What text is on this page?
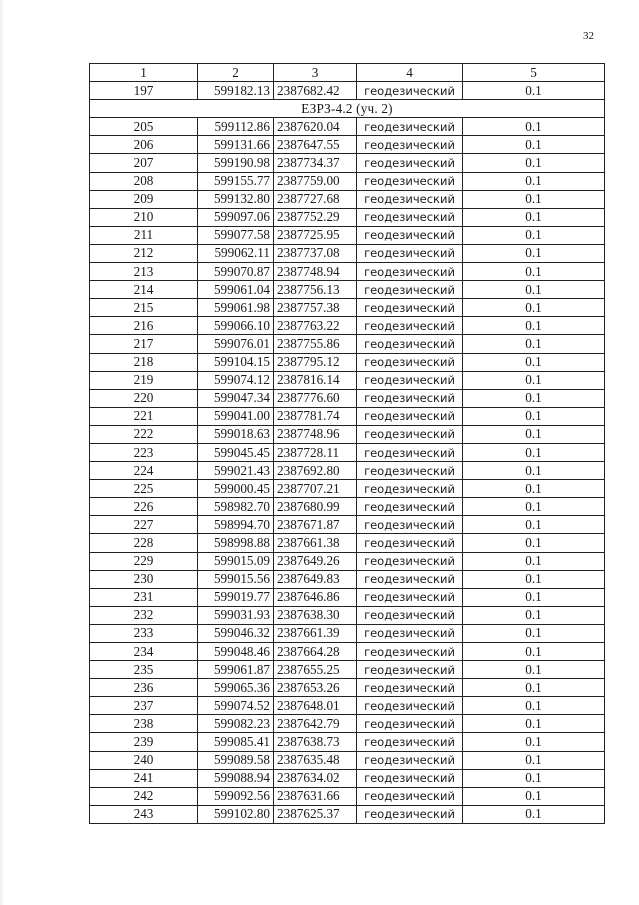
32
1	2	3	4	5
197	599182.13	2387682.42	геодезический	0.1
ЕЗРЗ-4.2 (уч. 2)				
205	599112.86	2387620.04	геодезический	0.1
206	599131.66	2387647.55	геодезический	0.1
207	599190.98	2387734.37	геодезический	0.1
208	599155.77	2387759.00	геодезический	0.1
209	599132.80	2387727.68	геодезический	0.1
210	599097.06	2387752.29	геодезический	0.1
211	599077.58	2387725.95	геодезический	0.1
212	599062.11	2387737.08	геодезический	0.1
213	599070.87	2387748.94	геодезический	0.1
214	599061.04	2387756.13	геодезический	0.1
215	599061.98	2387757.38	геодезический	0.1
216	599066.10	2387763.22	геодезический	0.1
217	599076.01	2387755.86	геодезический	0.1
218	599104.15	2387795.12	геодезический	0.1
219	599074.12	2387816.14	геодезический	0.1
220	599047.34	2387776.60	геодезический	0.1
221	599041.00	2387781.74	геодезический	0.1
222	599018.63	2387748.96	геодезический	0.1
223	599045.45	2387728.11	геодезический	0.1
224	599021.43	2387692.80	геодезический	0.1
225	599000.45	2387707.21	геодезический	0.1
226	598982.70	2387680.99	геодезический	0.1
227	598994.70	2387671.87	геодезический	0.1
228	598998.88	2387661.38	геодезический	0.1
229	599015.09	2387649.26	геодезический	0.1
230	599015.56	2387649.83	геодезический	0.1
231	599019.77	2387646.86	геодезический	0.1
232	599031.93	2387638.30	геодезический	0.1
233	599046.32	2387661.39	геодезический	0.1
234	599048.46	2387664.28	геодезический	0.1
235	599061.87	2387655.25	геодезический	0.1
236	599065.36	2387653.26	геодезический	0.1
237	599074.52	2387648.01	геодезический	0.1
238	599082.23	2387642.79	геодезический	0.1
239	599085.41	2387638.73	геодезический	0.1
240	599089.58	2387635.48	геодезический	0.1
241	599088.94	2387634.02	геодезический	0.1
242	599092.56	2387631.66	геодезический	0.1
243	599102.80	2387625.37	геодезический	0.1
